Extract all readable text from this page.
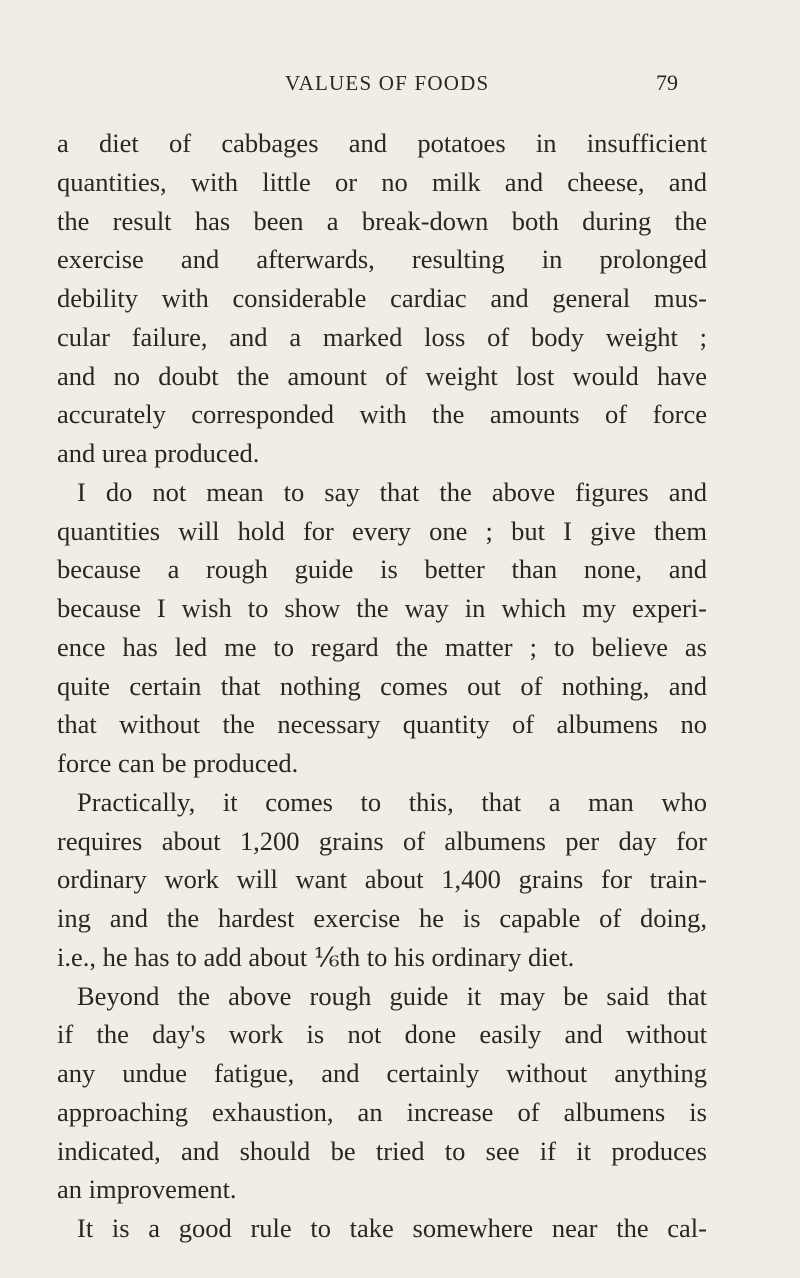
VALUES OF FOODS	79
a diet of cabbages and potatoes in insufficient
quantities, with little or no milk and cheese, and
the result has been a break-down both during the
exercise and afterwards, resulting in prolonged
debility with considerable cardiac and general mus-
cular failure, and a marked loss of body weight ;
and no doubt the amount of weight lost would have
accurately corresponded with the amounts of force
and urea produced.
I do not mean to say that the above figures and
quantities will hold for every one ; but I give them
because a rough guide is better than none, and
because I wish to show the way in which my experi-
ence has led me to regard the matter ; to believe as
quite certain that nothing comes out of nothing, and
that without the necessary quantity of albumens no
force can be produced.
Practically, it comes to this, that a man who
requires about 1,200 grains of albumens per day for
ordinary work will want about 1,400 grains for train-
ing and the hardest exercise he is capable of doing,
i.e., he has to add about ⅙th to his ordinary diet.
Beyond the above rough guide it may be said that
if the day's work is not done easily and without
any undue fatigue, and certainly without anything
approaching exhaustion, an increase of albumens is
indicated, and should be tried to see if it produces
an improvement.
It is a good rule to take somewhere near the cal-
